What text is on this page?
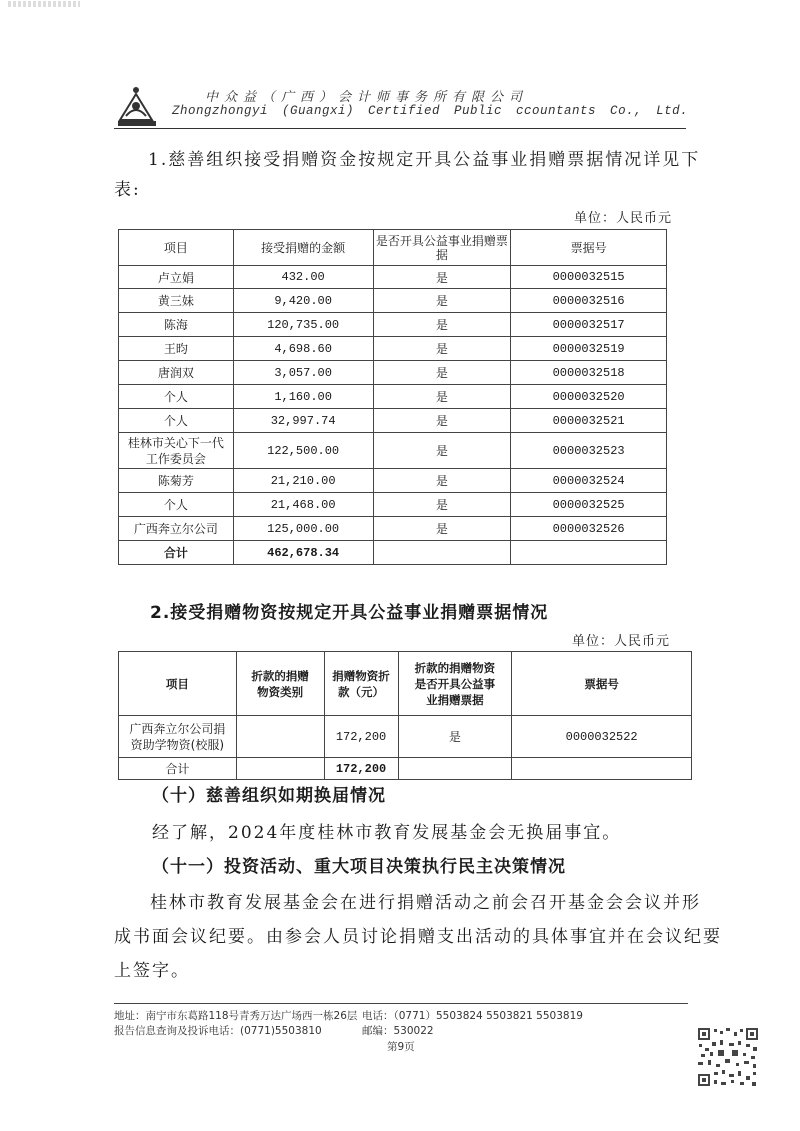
中众益（广西）会计师事务所有限公司
Zhongzhongyi (Guangxi) Certified Public ccountants Co., Ltd.
1.慈善组织接受捐赠资金按规定开具公益事业捐赠票据情况详见下
表:
单位：人民币元
项目	接受捐赠的金额	是否开具公益事业捐赠票据	票据号
卢立娟	432.00	是	0000032515
黄三妹	9,420.00	是	0000032516
陈海	120,735.00	是	0000032517
王昀	4,698.60	是	0000032519
唐润双	3,057.00	是	0000032518
个人	1,160.00	是	0000032520
个人	32,997.74	是	0000032521
桂林市关心下一代工作委员会	122,500.00	是	0000032523
陈菊芳	21,210.00	是	0000032524
个人	21,468.00	是	0000032525
广西奔立尔公司	125,000.00	是	0000032526
合计	462,678.34		
2.接受捐赠物资按规定开具公益事业捐赠票据情况
单位：人民币元
项目	折款的捐赠物资类别	捐赠物资折款（元）	折款的捐赠物资是否开具公益事业捐赠票据	票据号
广西奔立尔公司捐资助学物资(校服)		172,200	是	0000032522
合计		172,200		
（十）慈善组织如期换届情况
经了解，2024年度桂林市教育发展基金会无换届事宜。
（十一）投资活动、重大项目决策执行民主决策情况
桂林市教育发展基金会在进行捐赠活动之前会召开基金会会议并形
成书面会议纪要。由参会人员讨论捐赠支出活动的具体事宜并在会议纪要
上签字。
地址：南宁市东葛路118号青秀万达广场西一栋26层 电话：（0771）5503824 5503821 5503819
报告信息查询及投诉电话：(0771)5503810	邮编：530022
第9页
